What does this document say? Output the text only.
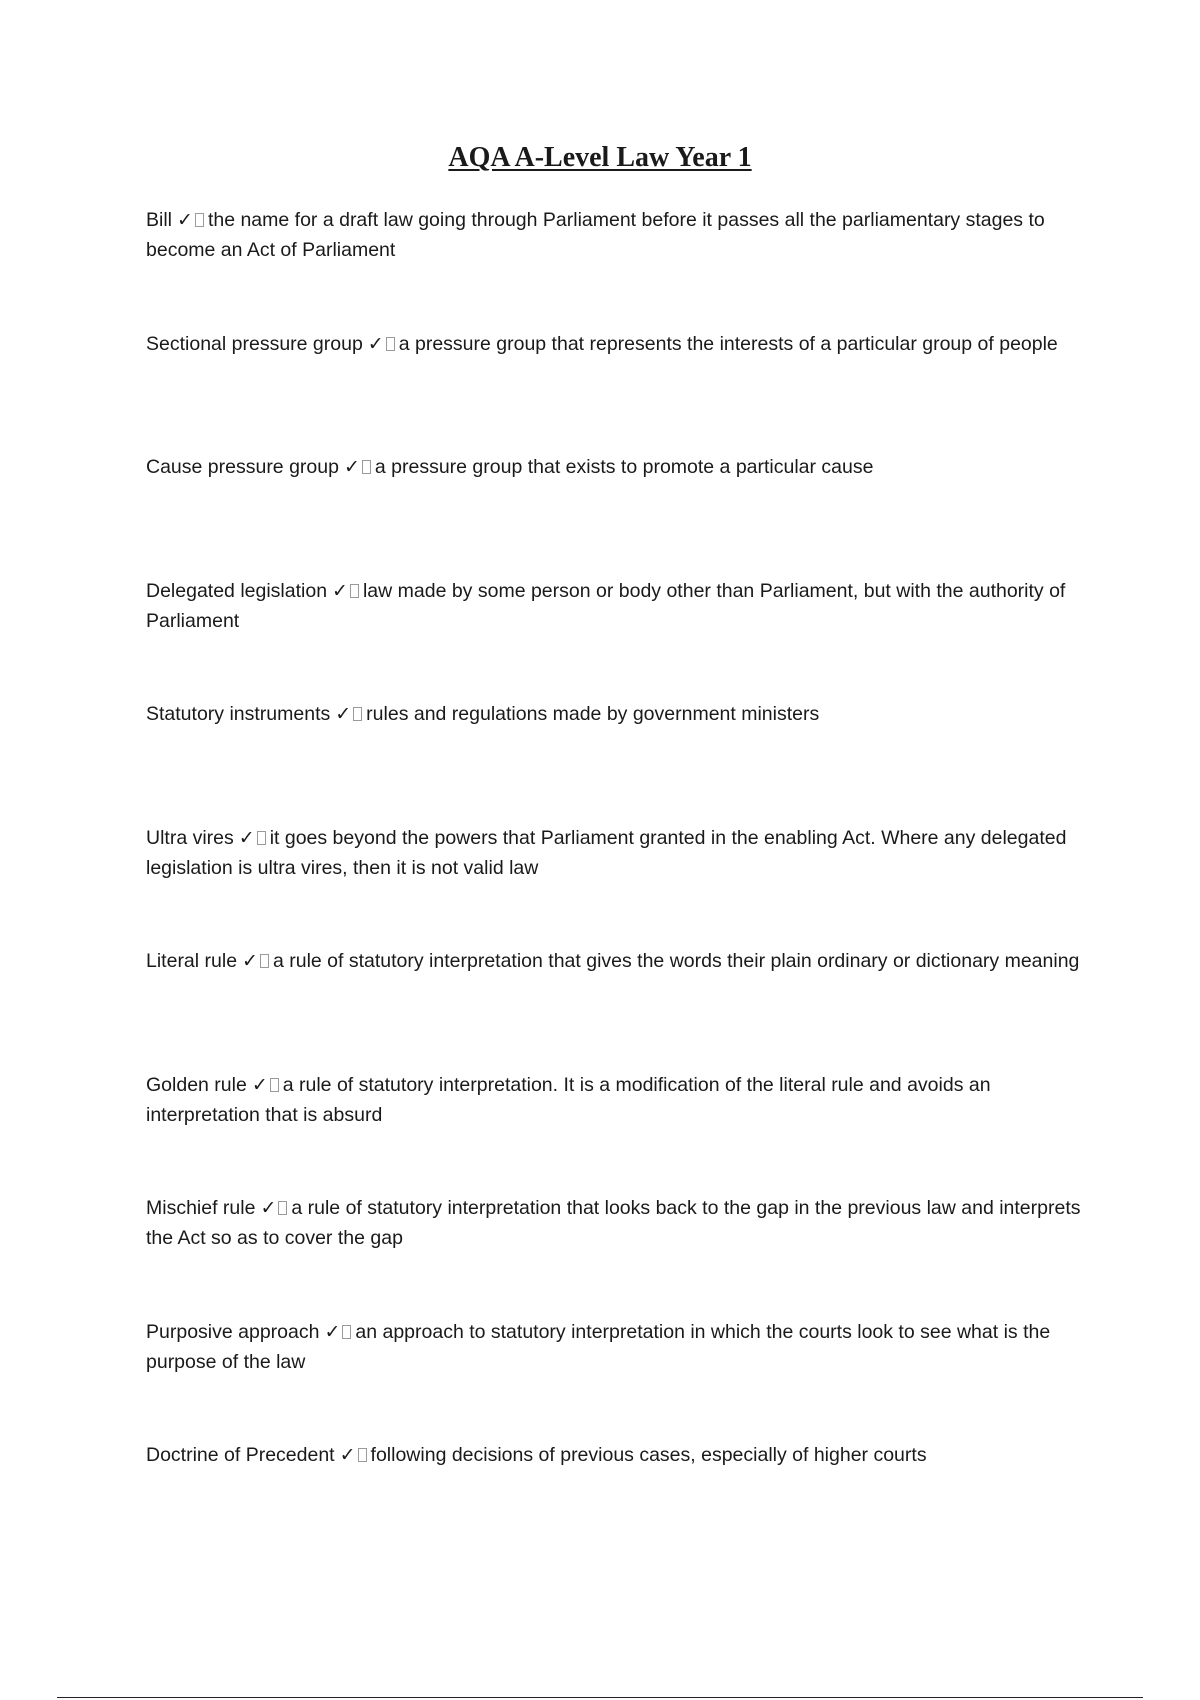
AQA A-Level Law Year 1
Bill ✓ the name for a draft law going through Parliament before it passes all the parliamentary stages to become an Act of Parliament
Sectional pressure group ✓ a pressure group that represents the interests of a particular group of people
Cause pressure group ✓ a pressure group that exists to promote a particular cause
Delegated legislation ✓ law made by some person or body other than Parliament, but with the authority of Parliament
Statutory instruments ✓ rules and regulations made by government ministers
Ultra vires ✓ it goes beyond the powers that Parliament granted in the enabling Act. Where any delegated legislation is ultra vires, then it is not valid law
Literal rule ✓ a rule of statutory interpretation that gives the words their plain ordinary or dictionary meaning
Golden rule ✓ a rule of statutory interpretation. It is a modification of the literal rule and avoids an interpretation that is absurd
Mischief rule ✓ a rule of statutory interpretation that looks back to the gap in the previous law and interprets the Act so as to cover the gap
Purposive approach ✓ an approach to statutory interpretation in which the courts look to see what is the purpose of the law
Doctrine of Precedent ✓ following decisions of previous cases, especially of higher courts
